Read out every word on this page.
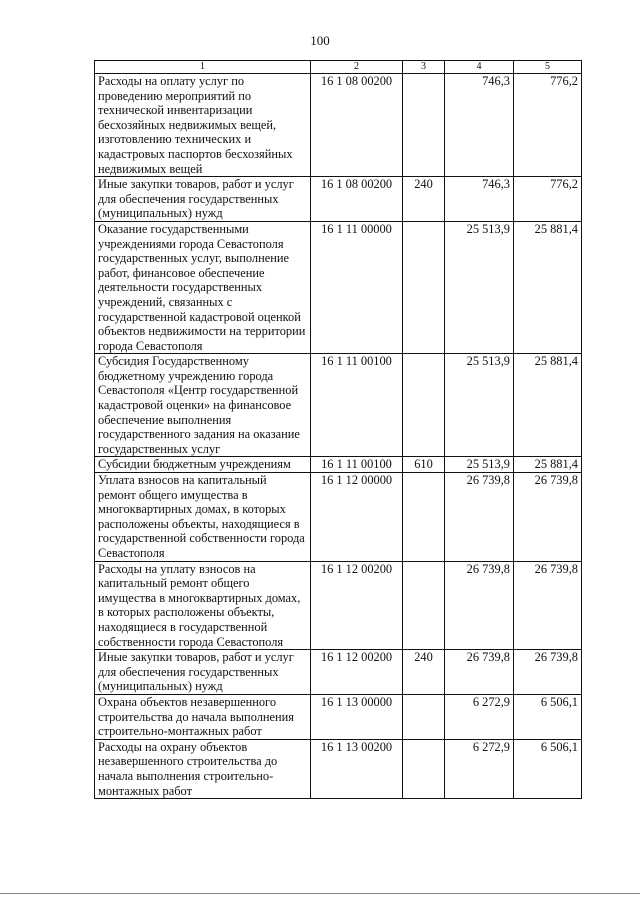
100
1	2	3	4	5
Расходы на оплату услуг по проведению мероприятий по технической инвентаризации бесхозяйных недвижимых вещей, изготовлению технических и кадастровых паспортов бесхозяйных недвижимых вещей	16 1 08 00200		746,3	776,2
Иные закупки товаров, работ и услуг для обеспечения государственных (муниципальных) нужд	16 1 08 00200	240	746,3	776,2
Оказание государственными учреждениями города Севастополя государственных услуг, выполнение работ, финансовое обеспечение деятельности государственных учреждений, связанных с государственной кадастровой оценкой объектов недвижимости на территории города Севастополя	16 1 11 00000		25 513,9	25 881,4
Субсидия Государственному бюджетному учреждению города Севастополя «Центр государственной кадастровой оценки» на финансовое обеспечение выполнения государственного задания на оказание государственных услуг	16 1 11 00100		25 513,9	25 881,4
Субсидии бюджетным учреждениям	16 1 11 00100	610	25 513,9	25 881,4
Уплата взносов на капитальный ремонт общего имущества в многоквартирных домах, в которых расположены объекты, находящиеся в государственной собственности города Севастополя	16 1 12 00000		26 739,8	26 739,8
Расходы на уплату взносов на капитальный ремонт общего имущества в многоквартирных домах, в которых расположены объекты, находящиеся в государственной собственности города Севастополя	16 1 12 00200		26 739,8	26 739,8
Иные закупки товаров, работ и услуг для обеспечения государственных (муниципальных) нужд	16 1 12 00200	240	26 739,8	26 739,8
Охрана объектов незавершенного строительства до начала выполнения строительно-монтажных работ	16 1 13 00000		6 272,9	6 506,1
Расходы на охрану объектов незавершенного строительства до начала выполнения строительно-монтажных работ	16 1 13 00200		6 272,9	6 506,1
